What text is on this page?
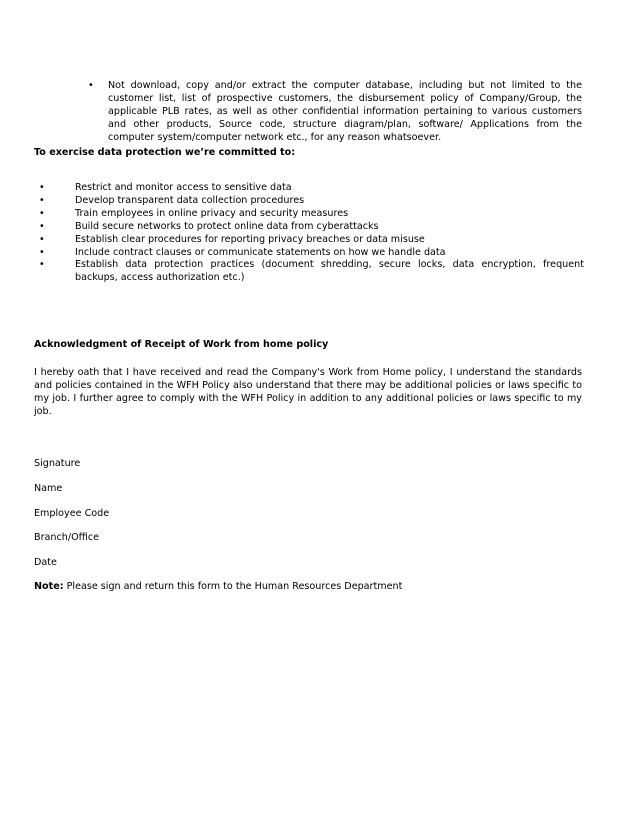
• Not download, copy and/or extract the computer database, including but not limited to the customer list, list of prospective customers, the disbursement policy of Company/Group, the applicable PLB rates, as well as other confidential information pertaining to various customers and other products, Source code, structure diagram/plan, software/ Applications from the computer system/computer network etc., for any reason whatsoever.
To exercise data protection we’re committed to:
•	Restrict and monitor access to sensitive data
•	Develop transparent data collection procedures
•	Train employees in online privacy and security measures
•	Build secure networks to protect online data from cyberattacks
•	Establish clear procedures for reporting privacy breaches or data misuse
•	Include contract clauses or communicate statements on how we handle data
•	Establish data protection practices (document shredding, secure locks, data encryption, frequent backups, access authorization etc.)
Acknowledgment of Receipt of Work from home policy

I hereby oath that I have received and read the Company's Work from Home policy, I understand the standards and policies contained in the WFH Policy also understand that there may be additional policies or laws specific to my job. I further agree to comply with the WFH Policy in addition to any additional policies or laws specific to my job.

Signature
Name
Employee Code
Branch/Office
Date
Note: Please sign and return this form to the Human Resources Department
